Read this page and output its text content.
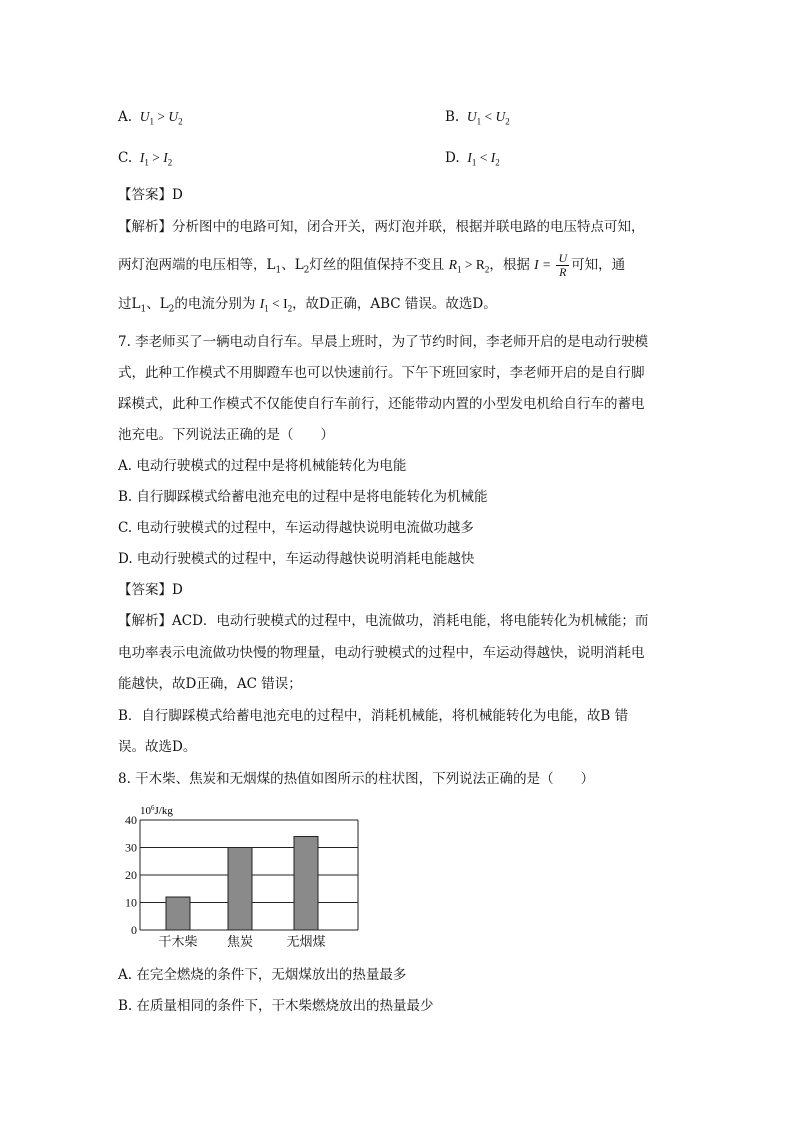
A. $U_1 > U_2$	B. $U_1 < U_2$
C. $I_1 > I_2$	D. $I_1 < I_2$
【答案】D
【解析】分析图中的电路可知，闭合开关，两灯泡并联，根据并联电路的电压特点可知，
两灯泡两端的电压相等，$L_1$、$L_2$灯丝的阻值保持不变且 $R_1 > R_2$，根据 $I = \frac{U}{R}$ 可知，通
过$L_1$、$L_2$的电流分别为 $I_1 < I_2$，故D正确，ABC 错误。故选D。
7. 李老师买了一辆电动自行车。早晨上班时，为了节约时间，李老师开启的是电动行驶模
式，此种工作模式不用脚蹬车也可以快速前行。下午下班回家时，李老师开启的是自行脚
踩模式，此种工作模式不仅能使自行车前行，还能带动内置的小型发电机给自行车的蓄电
池充电。下列说法正确的是（　　）
A. 电动行驶模式的过程中是将机械能转化为电能
B. 自行脚踩模式给蓄电池充电的过程中是将电能转化为机械能
C. 电动行驶模式的过程中，车运动得越快说明电流做功越多
D. 电动行驶模式的过程中，车运动得越快说明消耗电能越快
【答案】D
【解析】ACD．电动行驶模式的过程中，电流做功，消耗电能，将电能转化为机械能；而
电功率表示电流做功快慢的物理量，电动行驶模式的过程中，车运动得越快，说明消耗电
能越快，故D正确，AC 错误；
B．自行脚踩模式给蓄电池充电的过程中，消耗机械能，将机械能转化为电能，故B 错
误。故选D。
8. 干木柴、焦炭和无烟煤的热值如图所示的柱状图，下列说法正确的是（　　）
$10^6J/kg$
0
10
20
30
40
干木柴 焦炭	无烟煤
A. 在完全燃烧的条件下，无烟煤放出的热量最多
B. 在质量相同的条件下，干木柴燃烧放出的热量最少
